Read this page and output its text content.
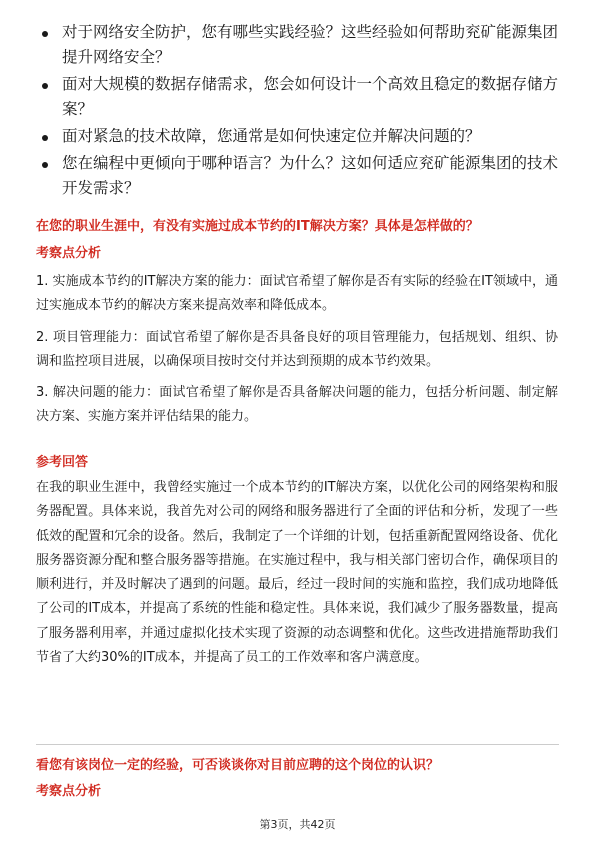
对于网络安全防护，您有哪些实践经验？这些经验如何帮助兖矿能源集团提升网络安全？
面对大规模的数据存储需求，您会如何设计一个高效且稳定的数据存储方案？
面对紧急的技术故障，您通常是如何快速定位并解决问题的？
您在编程中更倾向于哪种语言？为什么？这如何适应兖矿能源集团的技术开发需求？
在您的职业生涯中，有没有实施过成本节约的IT解决方案？具体是怎样做的？
考察点分析

1. 实施成本节约的IT解决方案的能力：面试官希望了解你是否有实际的经验在IT领域中，通过实施成本节约的解决方案来提高效率和降低成本。

2. 项目管理能力：面试官希望了解你是否具备良好的项目管理能力，包括规划、组织、协调和监控项目进展，以确保项目按时交付并达到预期的成本节约效果。

3. 解决问题的能力：面试官希望了解你是否具备解决问题的能力，包括分析问题、制定解决方案、实施方案并评估结果的能力。

参考回答

在我的职业生涯中，我曾经实施过一个成本节约的IT解决方案，以优化公司的网络架构和服务器配置。具体来说，我首先对公司的网络和服务器进行了全面的评估和分析，发现了一些低效的配置和冗余的设备。然后，我制定了一个详细的计划，包括重新配置网络设备、优化服务器资源分配和整合服务器等措施。在实施过程中，我与相关部门密切合作，确保项目的顺利进行，并及时解决了遇到的问题。最后，经过一段时间的实施和监控，我们成功地降低了公司的IT成本，并提高了系统的性能和稳定性。具体来说，我们减少了服务器数量，提高了服务器利用率，并通过虚拟化技术实现了资源的动态调整和优化。这些改进措施帮助我们节省了大约30%的IT成本，并提高了员工的工作效率和客户满意度。

看您有该岗位一定的经验，可否谈谈你对目前应聘的这个岗位的认识？
考察点分析
第3页，共42页
